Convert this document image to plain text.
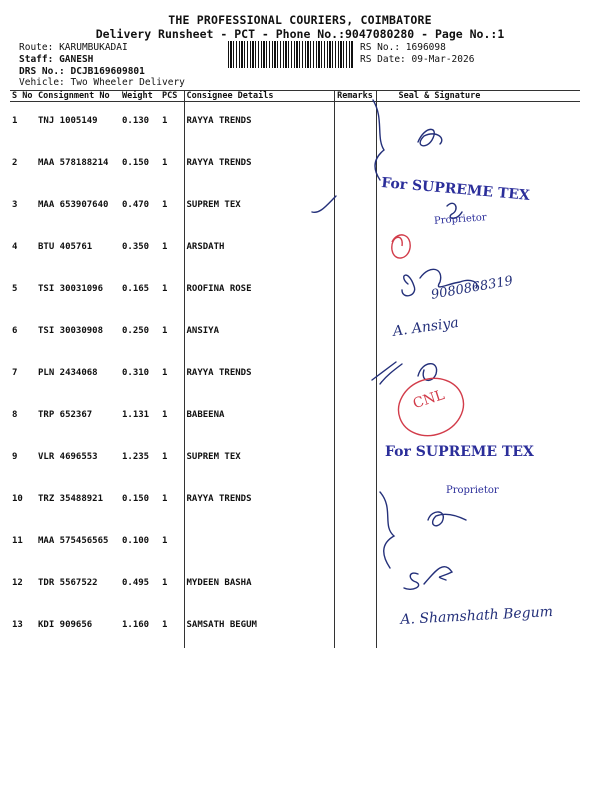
THE PROFESSIONAL COURIERS, COIMBATORE
Delivery Runsheet - PCT - Phone No.:9047080280 - Page No.:1
Route: KARUMBUKADAI
Staff: GANESH
DRS No.: DCJB169609801
Vehicle: Two Wheeler Delivery
RS No.: 1696098
RS Date: 09-Mar-2026
S No	Consignment No	Weight	PCS	Consignee Details	Remarks	Seal & Signature
1	TNJ 1005149	0.130	1	RAYYA TRENDS		
2	MAA 578188214	0.150	1	RAYYA TRENDS		
3	MAA 653907640	0.470	1	SUPREM TEX		
4	BTU 405761	0.350	1	ARSDATH		
5	TSI 30031096	0.165	1	ROOFINA ROSE		
6	TSI 30030908	0.250	1	ANSIYA		
7	PLN 2434068	0.310	1	RAYYA TRENDS		
8	TRP 652367	1.131	1	BABEENA		
9	VLR 4696553	1.235	1	SUPREM TEX		
10	TRZ 35488921	0.150	1	RAYYA TRENDS		
11	MAA 575456565	0.100	1			
12	TDR 5567522	0.495	1	MYDEEN BASHA		
13	KDI 909656	1.160	1	SAMSATH BEGUM		
For SUPREME TEX
Proprietor
9080868319
A. Ansiya
CNL
For SUPREME TEX
Proprietor
A. Shamshath Begum
